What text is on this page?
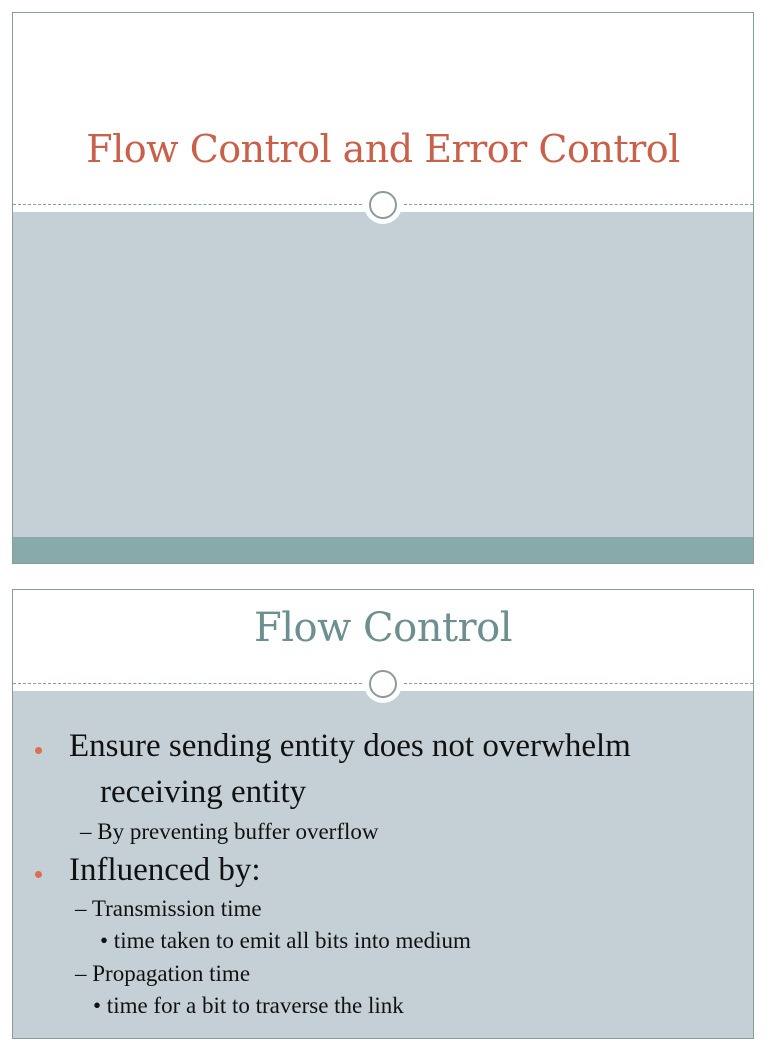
Flow Control and Error Control
Flow Control
Ensure sending entity does not overwhelm
receiving entity
– By preventing buffer overflow
Influenced by:
– Transmission time
• time taken to emit all bits into medium
– Propagation time
• time for a bit to traverse the link
